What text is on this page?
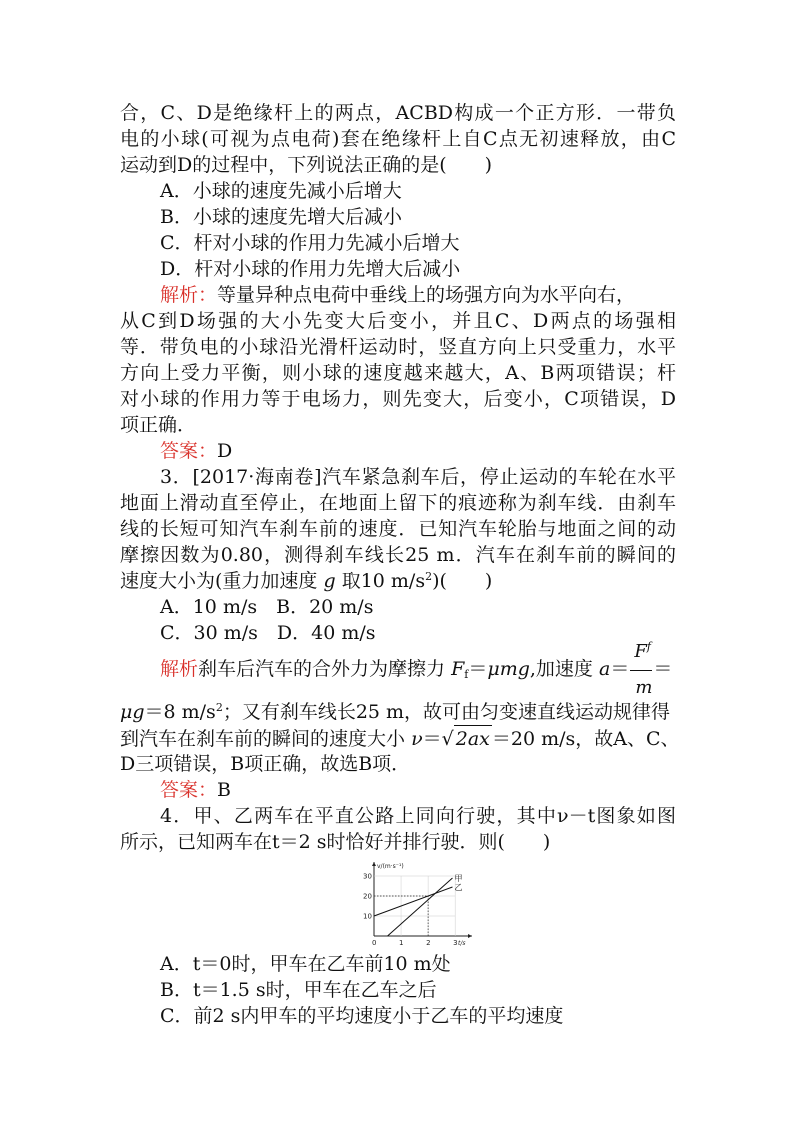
合，C、D是绝缘杆上的两点，ACBD构成一个正方形．一带负
电的小球(可视为点电荷)套在绝缘杆上自C点无初速释放，由C
运动到D的过程中，下列说法正确的是(　　)
A．小球的速度先减小后增大
B．小球的速度先增大后减小
C．杆对小球的作用力先减小后增大
D．杆对小球的作用力先增大后减小
解析：等量异种点电荷中垂线上的场强方向为水平向右，
从C到D场强的大小先变大后变小，并且C、D两点的场强相
等．带负电的小球沿光滑杆运动时，竖直方向上只受重力，水平
方向上受力平衡，则小球的速度越来越大，A、B两项错误；杆
对小球的作用力等于电场力，则先变大，后变小，C项错误，D
项正确．
答案：D
3．[2017·海南卷]汽车紧急刹车后，停止运动的车轮在水平
地面上滑动直至停止，在地面上留下的痕迹称为刹车线．由刹车
线的长短可知汽车刹车前的速度．已知汽车轮胎与地面之间的动
摩擦因数为0.80，测得刹车线长25 m．汽车在刹车前的瞬间的
速度大小为(重力加速度 g 取10 $m/s^2$)(　　)
A．10 m/s　B．20 m/s
C．30 m/s　D．40 m/s
解析刹车后汽车的合外力为摩擦力 $F_f=\mu mg$,加速度 $a= \frac{F^f}{m}$ ＝
μg＝8 $m/s^2$；又有刹车线长25 m，故可由匀变速直线运动规律得
到汽车在刹车前的瞬间的速度大小 ν＝√ 2ax ＝20 m/s，故A、C、
D三项错误，B项正确，故选B项．
答案：B
4．甲、乙两车在平直公路上同向行驶，其中ν－t图象如图
所示，已知两车在t＝2 s时恰好并排行驶．则(　　)
0	1	2	3
10
20
30
v/(m·s⁻¹)
t/s
甲
乙
A．t＝0时，甲车在乙车前10 m处
B．t＝1.5 s时，甲车在乙车之后
C．前2 s内甲车的平均速度小于乙车的平均速度
